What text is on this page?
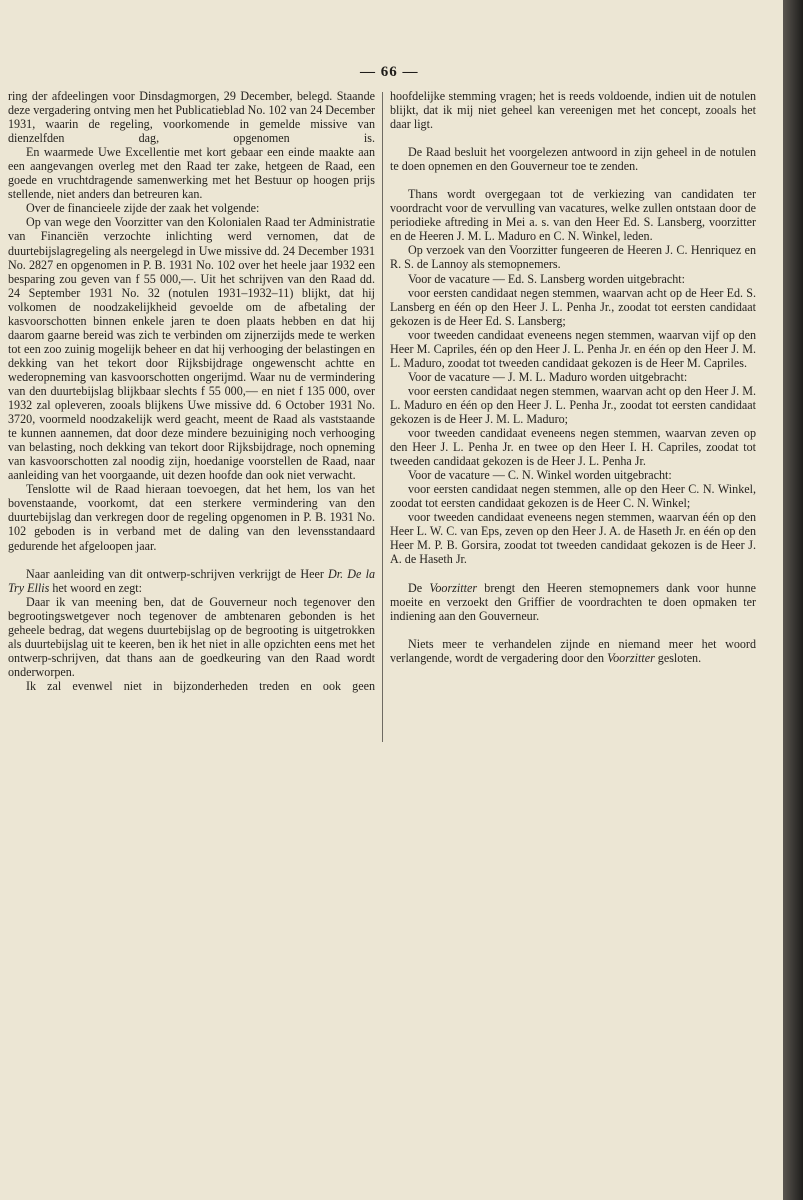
— 66 —

ring der afdeelingen voor Dinsdagmorgen, 29 December, belegd. Staande deze vergadering ontving men het Publicatieblad No. 102 van 24 December 1931, waarin de regeling, voorkomende in gemelde missive van dienzelfden dag, opgenomen is.

En waarmede Uwe Excellentie met kort gebaar een einde maakte aan een aangevangen overleg met den Raad ter zake, hetgeen de Raad, een goede en vruchtdragende samenwerking met het Bestuur op hoogen prijs stellende, niet anders dan betreuren kan.

Over de financieele zijde der zaak het volgende:

Op van wege den Voorzitter van den Kolonialen Raad ter Administratie van Financiën verzochte inlichting werd vernomen, dat de duurtebijslagregeling als neergelegd in Uwe missive dd. 24 December 1931 No. 2827 en opgenomen in P. B. 1931 No. 102 over het heele jaar 1932 een besparing zou geven van f 55 000,—. Uit het schrijven van den Raad dd. 24 September 1931 No. 32 (notulen 1931–1932–11) blijkt, dat hij volkomen de noodzakelijkheid gevoelde om de afbetaling der kasvoorschotten binnen enkele jaren te doen plaats hebben en dat hij daarom gaarne bereid was zich te verbinden om zijnerzijds mede te werken tot een zoo zuinig mogelijk beheer en dat hij verhooging der belastingen en dekking van het tekort door Rijksbijdrage ongewenscht achtte en wederopneming van kasvoorschotten ongerijmd. Waar nu de vermindering van den duurtebijslag blijkbaar slechts f 55 000,— en niet f 135 000, over 1932 zal opleveren, zooals blijkens Uwe missive dd. 6 October 1931 No. 3720, voormeld noodzakelijk werd geacht, meent de Raad als vaststaande te kunnen aannemen, dat door deze mindere bezuiniging noch verhooging van belasting, noch dekking van tekort door Rijksbijdrage, noch opneming van kasvoorschotten zal noodig zijn, hoedanige voorstellen de Raad, naar aanleiding van het voorgaande, uit dezen hoofde dan ook niet verwacht.

Tenslotte wil de Raad hieraan toevoegen, dat het hem, los van het bovenstaande, voorkomt, dat een sterkere vermindering van den duurtebijslag dan verkregen door de regeling opgenomen in P. B. 1931 No. 102 geboden is in verband met de daling van den levensstandaard gedurende het afgeloopen jaar.

Naar aanleiding van dit ontwerp-schrijven verkrijgt de Heer Dr. De la Try Ellis het woord en zegt:

Daar ik van meening ben, dat de Gouverneur noch tegenover den begrootingswetgever noch tegenover de ambtenaren gebonden is het geheele bedrag, dat wegens duurtebijslag op de begrooting is uitgetrokken als duurtebijslag uit te keeren, ben ik het niet in alle opzichten eens met het ontwerp-schrijven, dat thans aan de goedkeuring van den Raad wordt onderworpen.

Ik zal evenwel niet in bijzonderheden treden en ook geen

hoofdelijke stemming vragen; het is reeds voldoende, indien uit de notulen blijkt, dat ik mij niet geheel kan vereenigen met het concept, zooals het daar ligt.

De Raad besluit het voorgelezen antwoord in zijn geheel in de notulen te doen opnemen en den Gouverneur toe te zenden.

Thans wordt overgegaan tot de verkiezing van candidaten ter voordracht voor de vervulling van vacatures, welke zullen ontstaan door de periodieke aftreding in Mei a. s. van den Heer Ed. S. Lansberg, voorzitter en de Heeren J. M. L. Maduro en C. N. Winkel, leden.

Op verzoek van den Voorzitter fungeeren de Heeren J. C. Henriquez en R. S. de Lannoy als stemopnemers.

Voor de vacature — Ed. S. Lansberg worden uitgebracht:

voor eersten candidaat negen stemmen, waarvan acht op de Heer Ed. S. Lansberg en één op den Heer J. L. Penha Jr., zoodat tot eersten candidaat gekozen is de Heer Ed. S. Lansberg;

voor tweeden candidaat eveneens negen stemmen, waarvan vijf op den Heer M. Capriles, één op den Heer J. L. Penha Jr. en één op den Heer J. M. L. Maduro, zoodat tot tweeden candidaat gekozen is de Heer M. Capriles.

Voor de vacature — J. M. L. Maduro worden uitgebracht:

voor eersten candidaat negen stemmen, waarvan acht op den Heer J. M. L. Maduro en één op den Heer J. L. Penha Jr., zoodat tot eersten candidaat gekozen is de Heer J. M. L. Maduro;

voor tweeden candidaat eveneens negen stemmen, waarvan zeven op den Heer J. L. Penha Jr. en twee op den Heer I. H. Capriles, zoodat tot tweeden candidaat gekozen is de Heer J. L. Penha Jr.

Voor de vacature — C. N. Winkel worden uitgebracht:

voor eersten candidaat negen stemmen, alle op den Heer C. N. Winkel, zoodat tot eersten candidaat gekozen is de Heer C. N. Winkel;

voor tweeden candidaat eveneens negen stemmen, waarvan één op den Heer L. W. C. van Eps, zeven op den Heer J. A. de Haseth Jr. en één op den Heer M. P. B. Gorsira, zoodat tot tweeden candidaat gekozen is de Heer J. A. de Haseth Jr.

De Voorzitter brengt den Heeren stemopnemers dank voor hunne moeite en verzoekt den Griffier de voordrachten te doen opmaken ter indiening aan den Gouverneur.

Niets meer te verhandelen zijnde en niemand meer het woord verlangende, wordt de vergadering door den Voorzitter gesloten.
